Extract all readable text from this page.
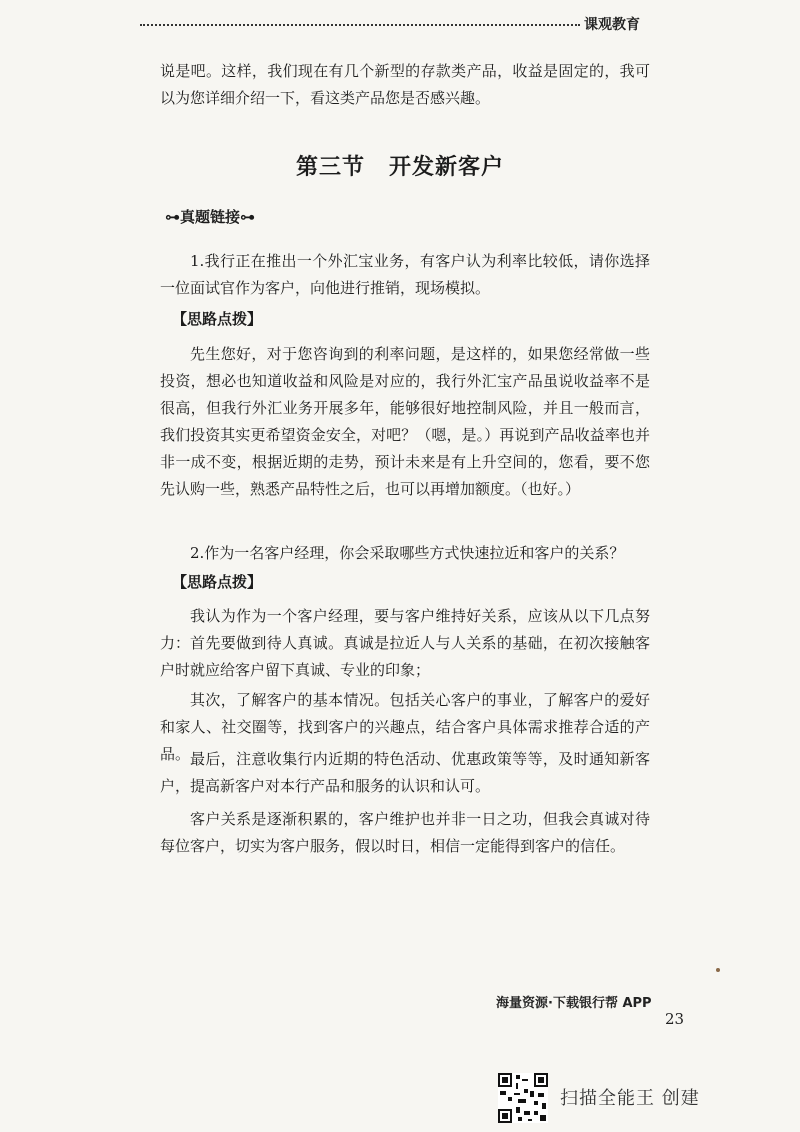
课观教育

说是吧。这样，我们现在有几个新型的存款类产品，收益是固定的，我可以为您详细介绍一下，看这类产品您是否感兴趣。

第三节 开发新客户
⊶真题链接⊶

1.我行正在推出一个外汇宝业务，有客户认为利率比较低，请你选择一位面试官作为客户，向他进行推销，现场模拟。

【思路点拨】

先生您好，对于您咨询到的利率问题，是这样的，如果您经常做一些投资，想必也知道收益和风险是对应的，我行外汇宝产品虽说收益率不是很高，但我行外汇业务开展多年，能够很好地控制风险，并且一般而言，我们投资其实更希望资金安全，对吧？（嗯，是。）再说到产品收益率也并非一成不变，根据近期的走势，预计未来是有上升空间的，您看，要不您先认购一些，熟悉产品特性之后，也可以再增加额度。（也好。）

2.作为一名客户经理，你会采取哪些方式快速拉近和客户的关系？

【思路点拨】

我认为作为一个客户经理，要与客户维持好关系，应该从以下几点努力： 首先要做到待人真诚。真诚是拉近人与人关系的基础，在初次接触客户时就应给客户留下真诚、专业的印象；

其次，了解客户的基本情况。包括关心客户的事业，了解客户的爱好和家人、社交圈等，找到客户的兴趣点，结合客户具体需求推荐合适的产品。 最后，注意收集行内近期的特色活动、优惠政策等等，及时通知新客户，提高新客户对本行产品和服务的认识和认可。

客户关系是逐渐积累的，客户维护也并非一日之功，但我会真诚对待每位客户，切实为客户服务，假以时日，相信一定能得到客户的信任。

海量资源·下载银行帮 APP
23
扫描全能王 创建
